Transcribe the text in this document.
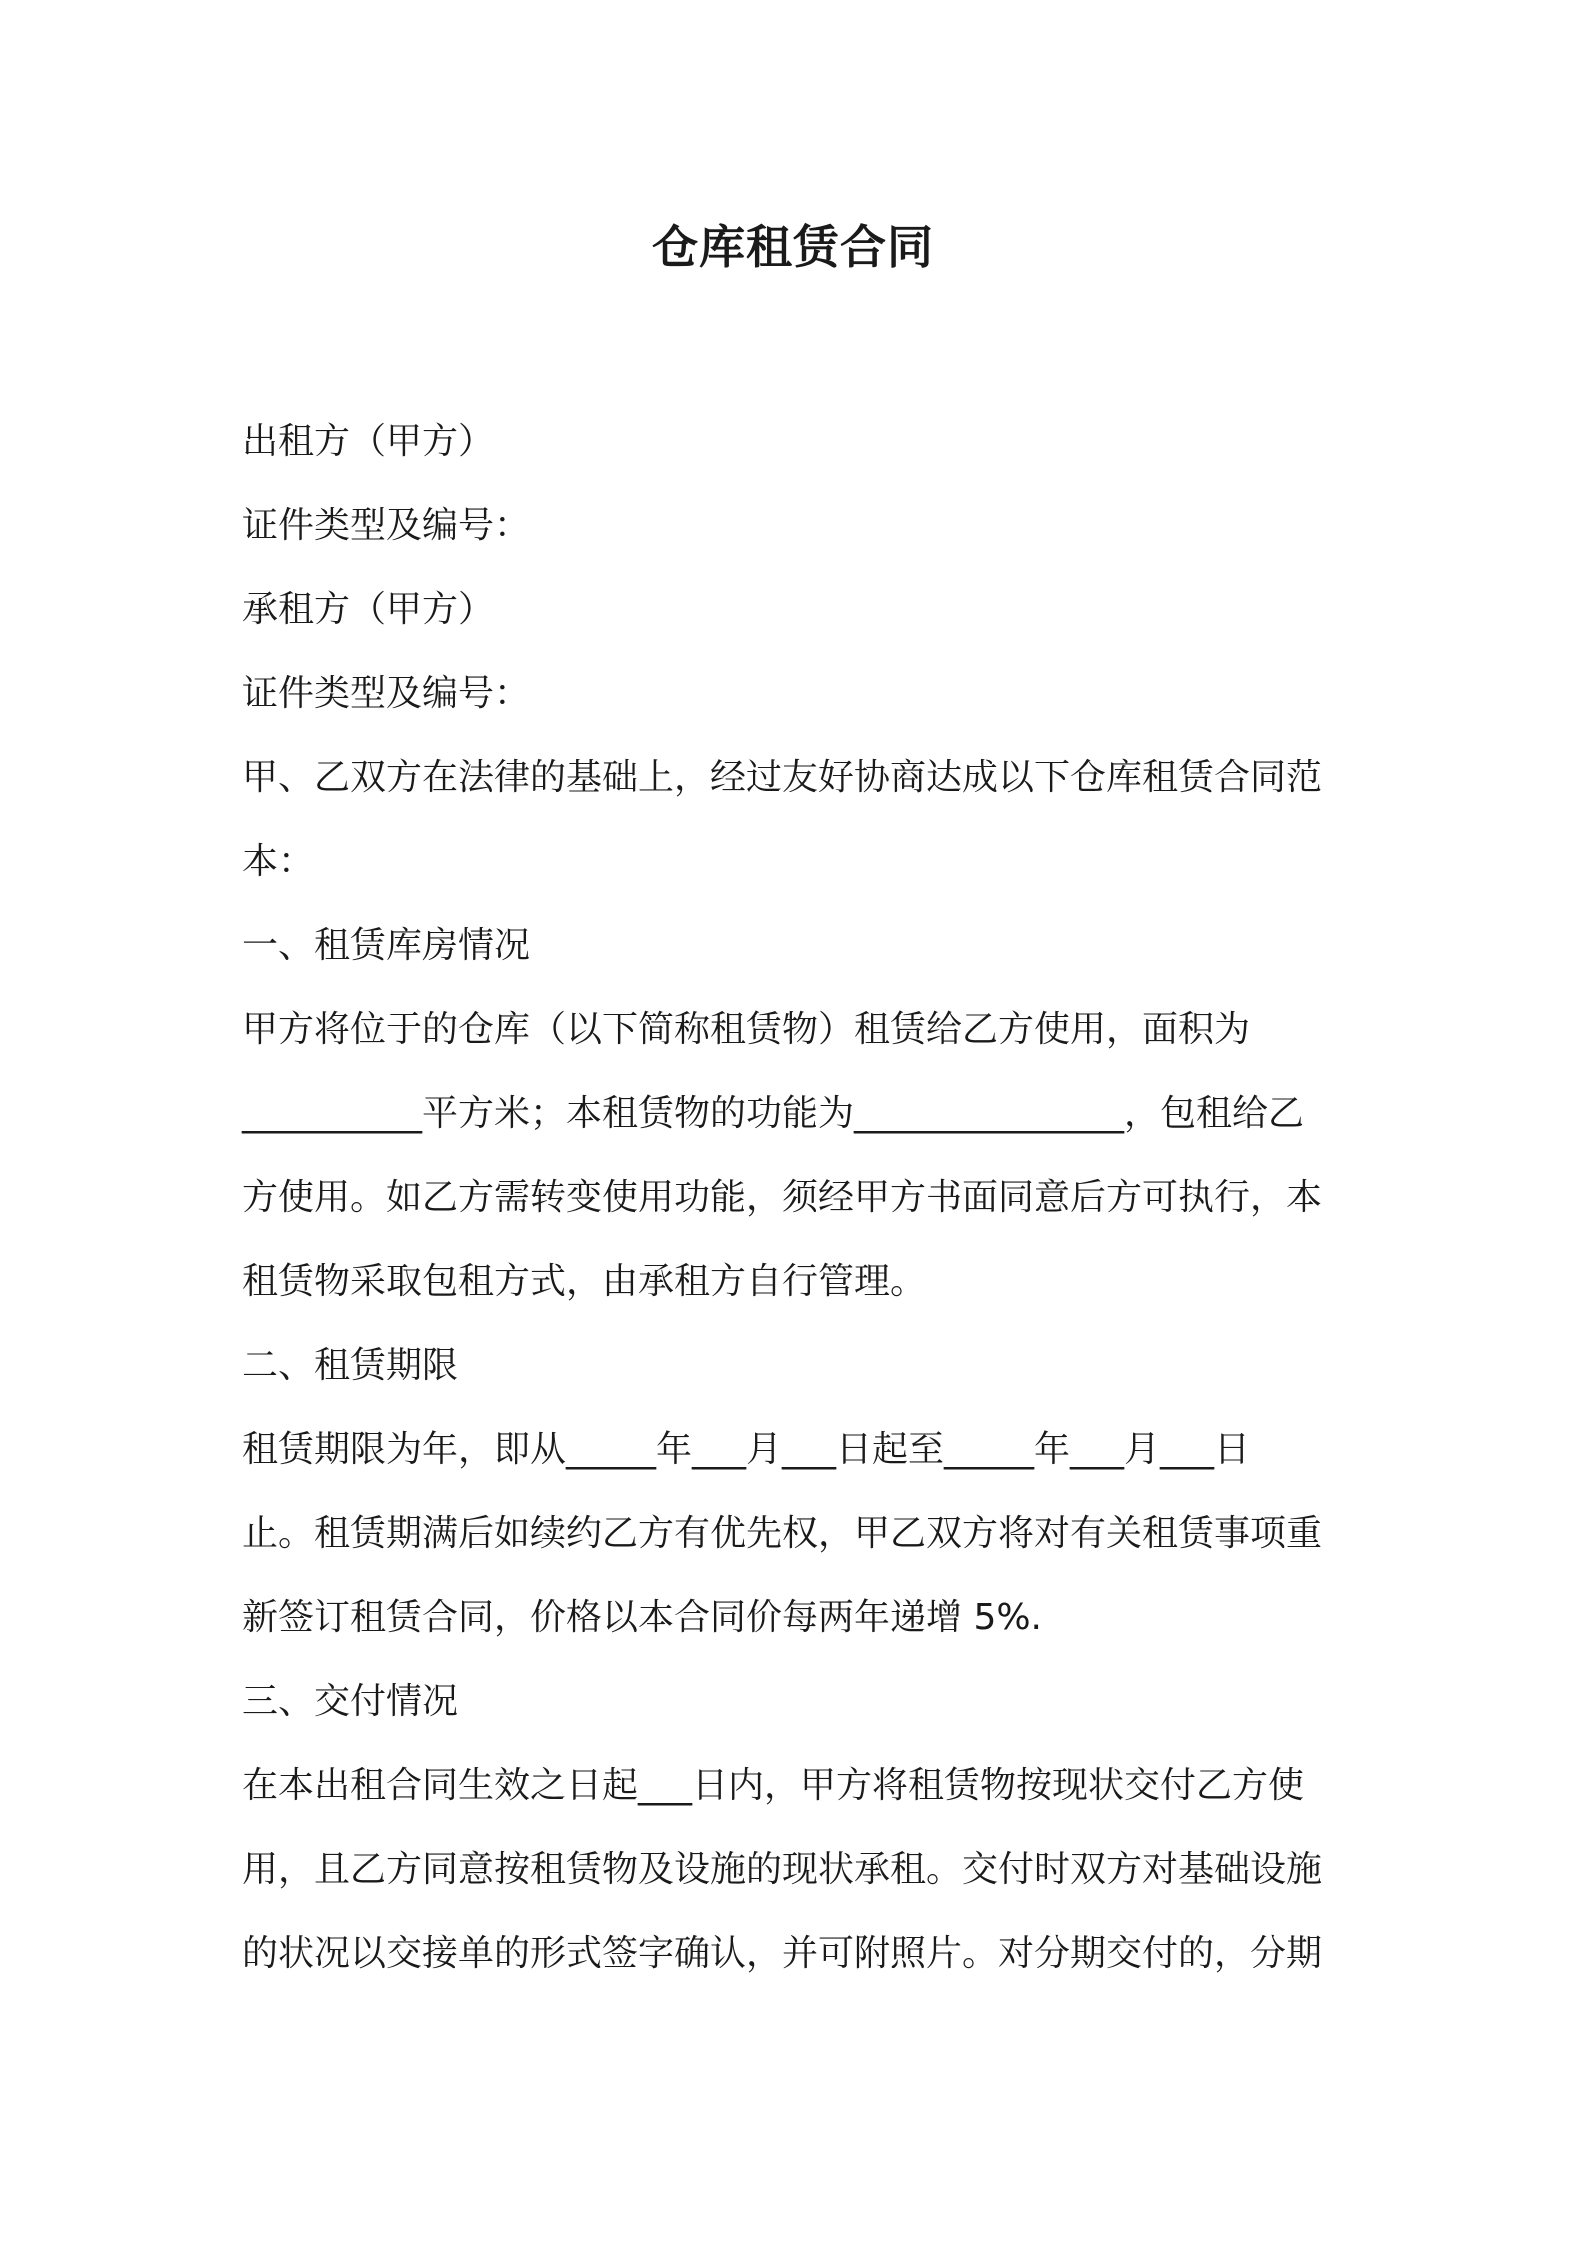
仓库租赁合同

出租方（甲方）

证件类型及编号：

承租方（甲方）

证件类型及编号：

甲、乙双方在法律的基础上，经过友好协商达成以下仓库租赁合同范

本：

一、租赁库房情况

甲方将位于的仓库（以下简称租赁物）租赁给乙方使用，面积为

__________平方米；本租赁物的功能为_______________，包租给乙

方使用。如乙方需转变使用功能，须经甲方书面同意后方可执行，本

租赁物采取包租方式，由承租方自行管理。

二、租赁期限

租赁期限为年，即从_____年___月___日起至_____年___月___日

止。租赁期满后如续约乙方有优先权，甲乙双方将对有关租赁事项重

新签订租赁合同，价格以本合同价每两年递增 5%.

三、交付情况

在本出租合同生效之日起___日内，甲方将租赁物按现状交付乙方使

用，且乙方同意按租赁物及设施的现状承租。交付时双方对基础设施

的状况以交接单的形式签字确认，并可附照片。对分期交付的，分期
